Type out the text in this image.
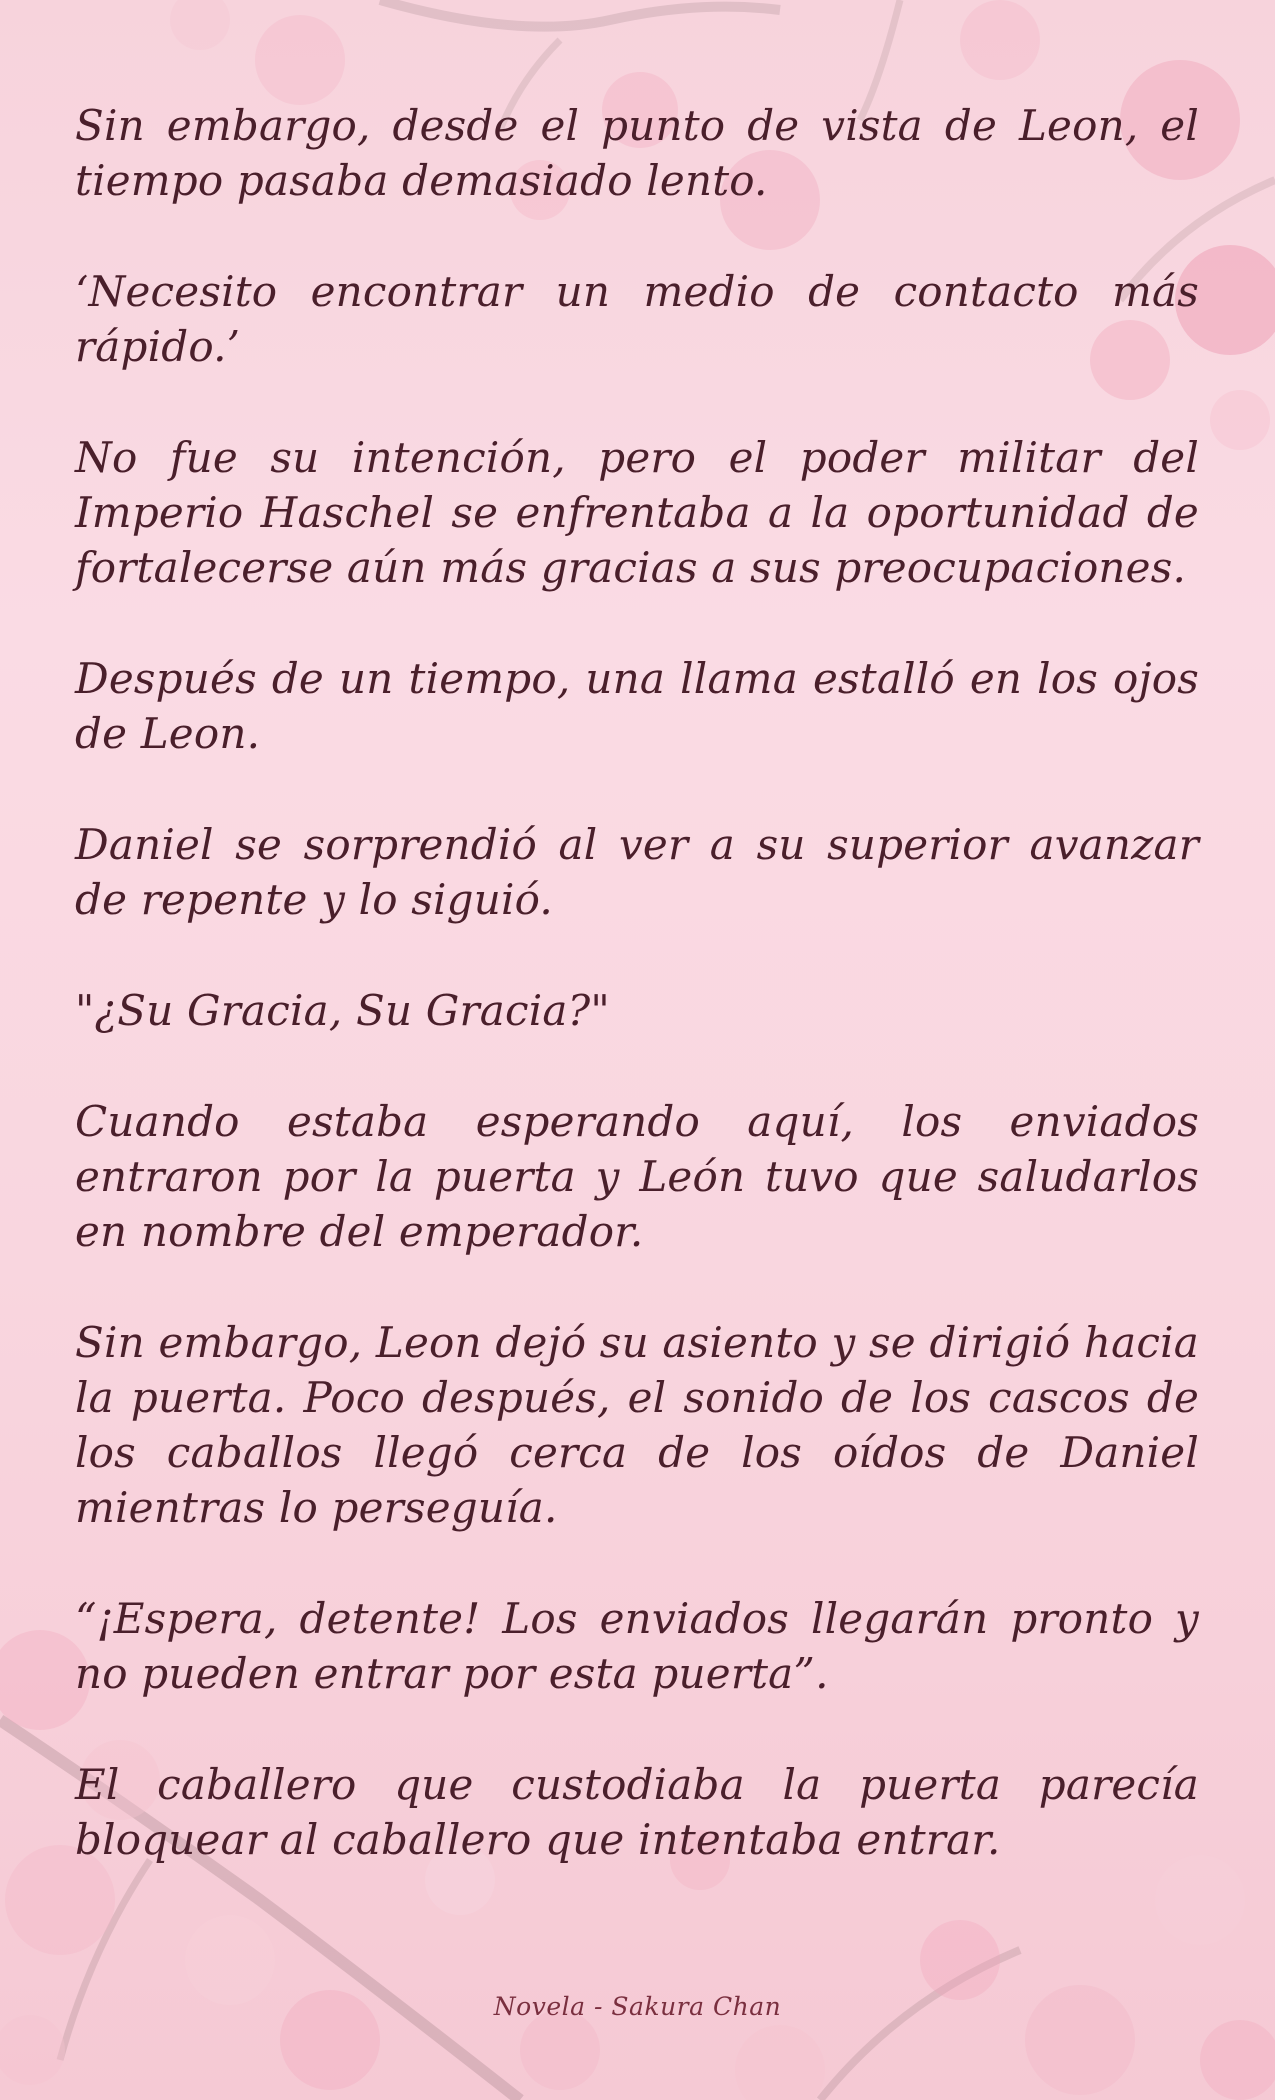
Sin embargo, desde el punto de vista de Leon, el tiempo pasaba demasiado lento.

‘Necesito encontrar un medio de contacto más rápido.’

No fue su intención, pero el poder militar del Imperio Haschel se enfrentaba a la oportunidad de fortalecerse aún más gracias a sus preocupaciones.

Después de un tiempo, una llama estalló en los ojos de Leon.

Daniel se sorprendió al ver a su superior avanzar de repente y lo siguió.

"¿Su Gracia, Su Gracia?"

Cuando estaba esperando aquí, los enviados entraron por la puerta y León tuvo que saludarlos en nombre del emperador.

Sin embargo, Leon dejó su asiento y se dirigió hacia la puerta. Poco después, el sonido de los cascos de los caballos llegó cerca de los oídos de Daniel mientras lo perseguía.

“¡Espera, detente! Los enviados llegarán pronto y no pueden entrar por esta puerta”.

El caballero que custodiaba la puerta parecía bloquear al caballero que intentaba entrar.

Novela - Sakura Chan
